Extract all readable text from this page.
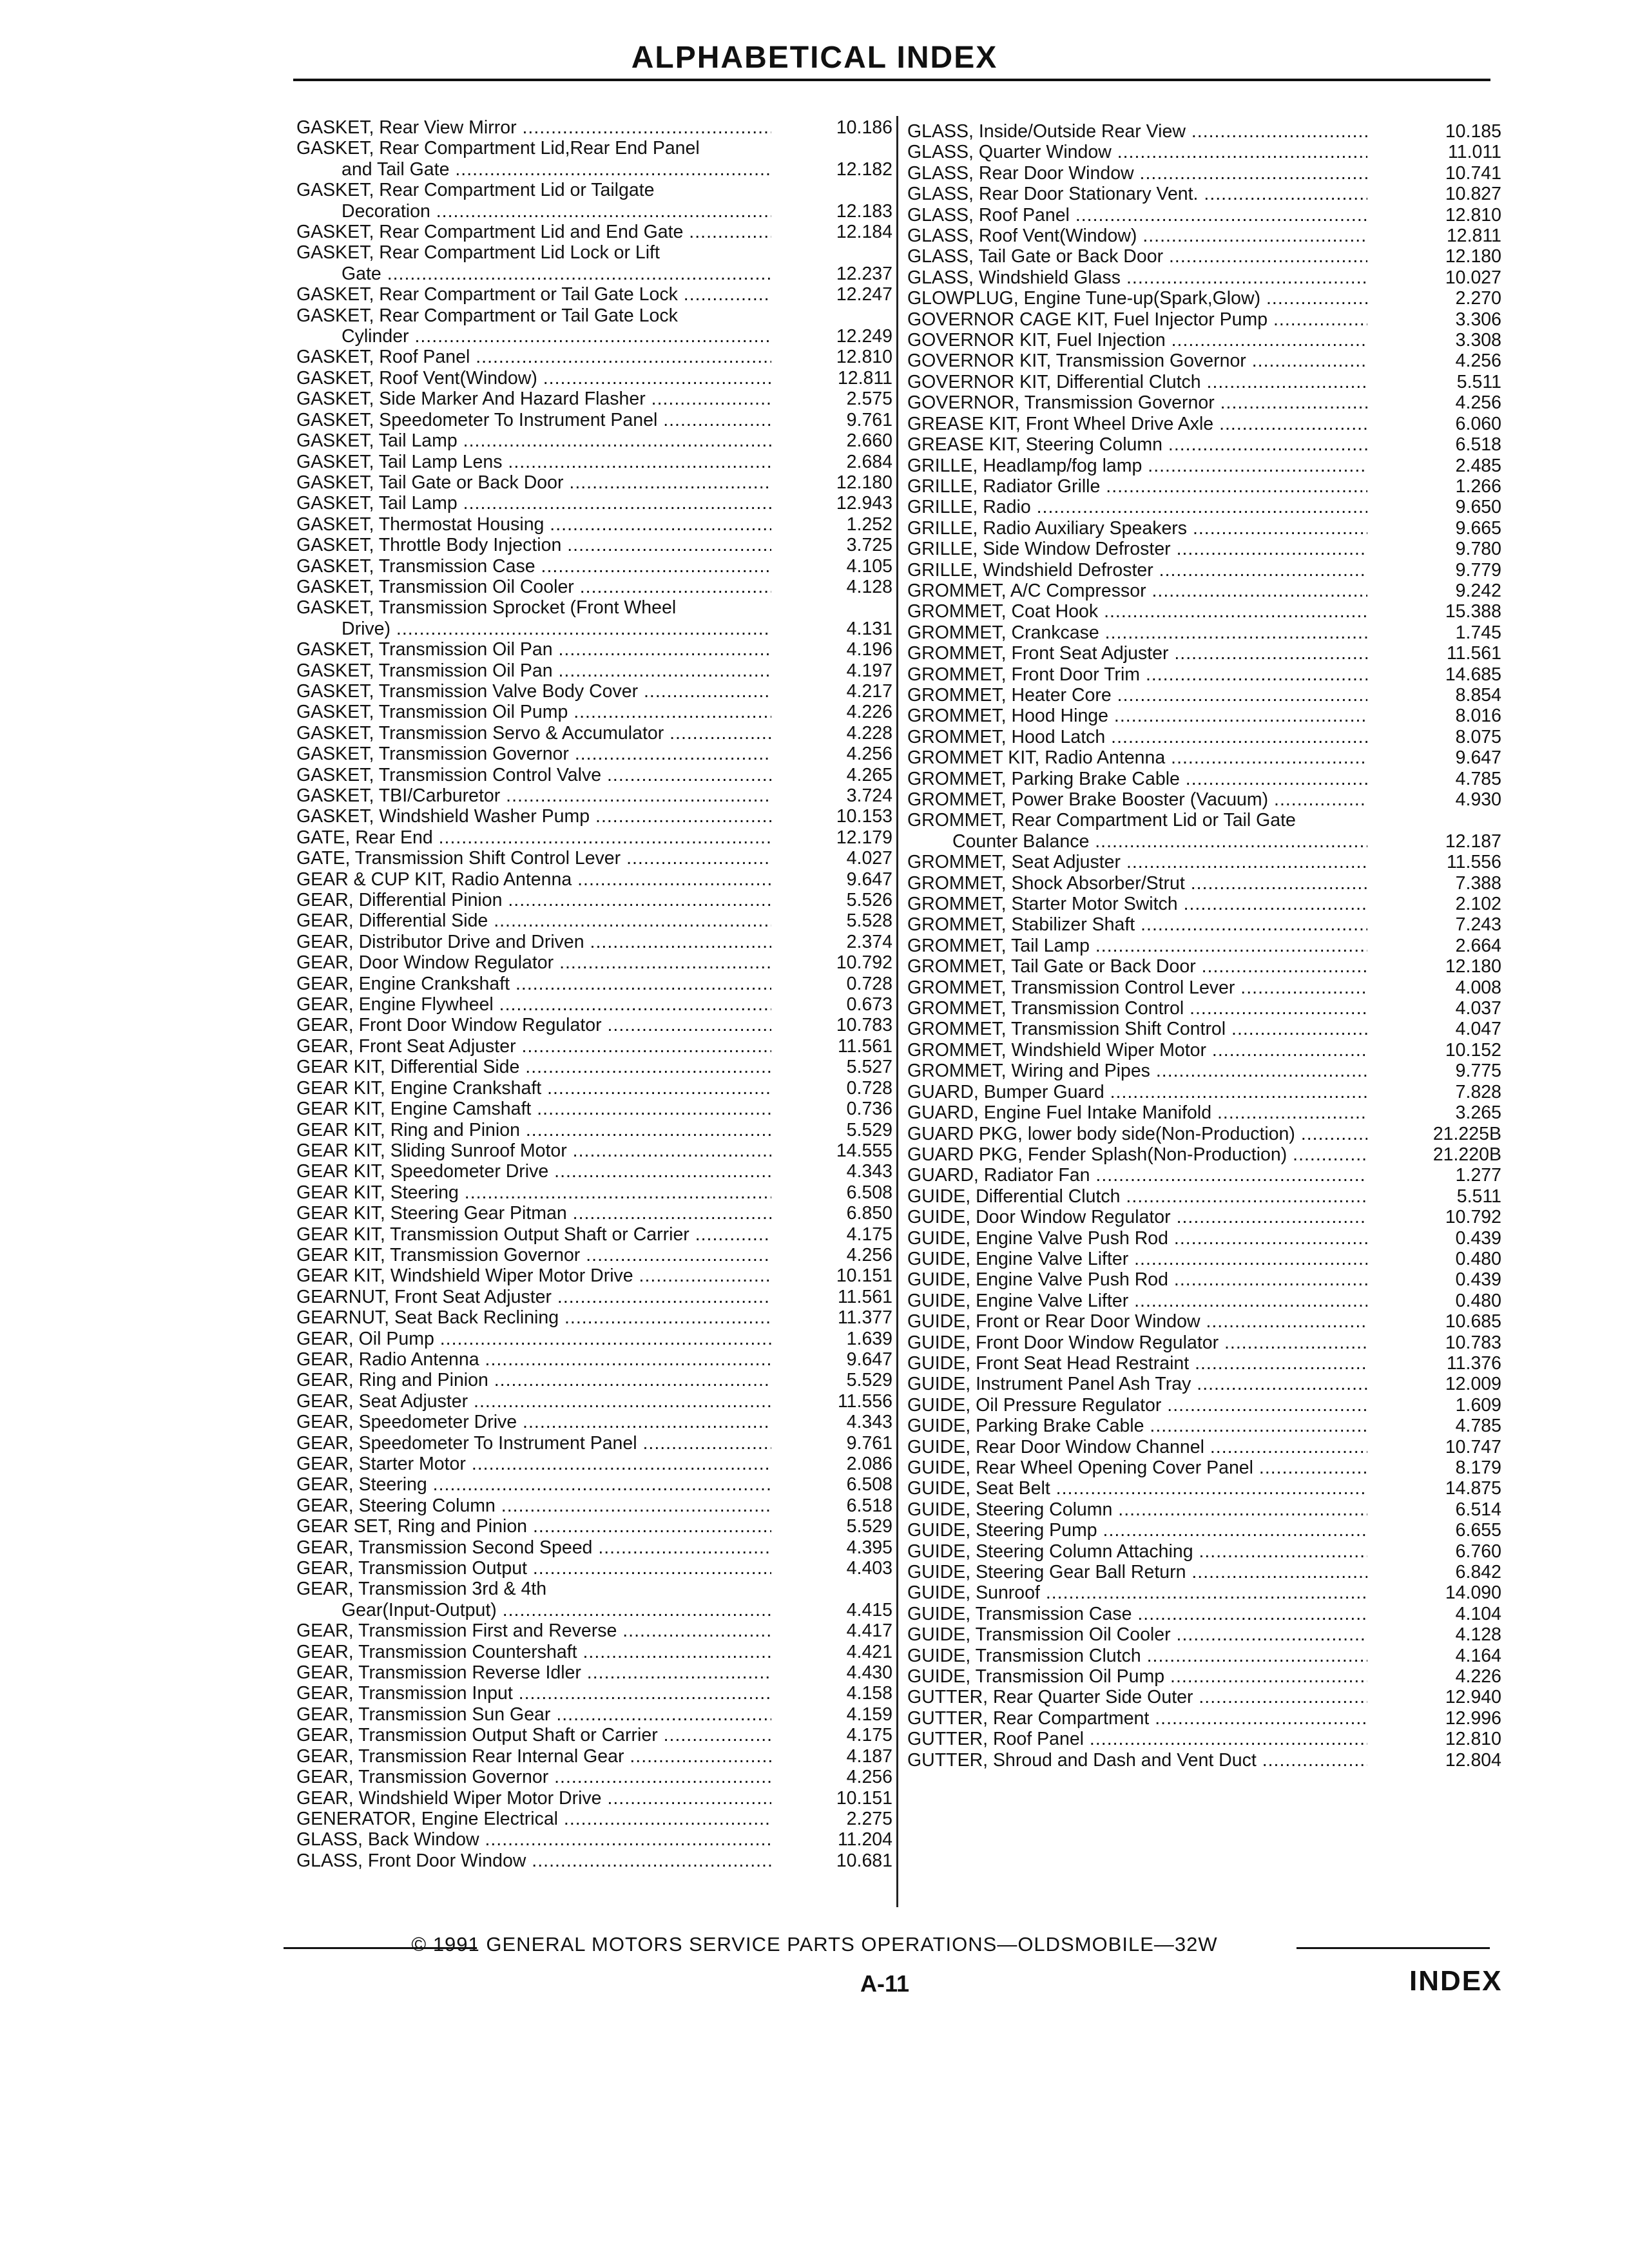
ALPHABETICAL INDEX
GASKET, Rear View Mirror .....	10.186
GASKET, Rear Compartment Lid,Rear End Panel
and Tail Gate .....	12.182
GASKET, Rear Compartment Lid or Tailgate
Decoration .....	12.183
GASKET, Rear Compartment Lid and End Gate .....	12.184
GASKET, Rear Compartment Lid Lock or Lift
Gate .....	12.237
GASKET, Rear Compartment or Tail Gate Lock .....	12.247
GASKET, Rear Compartment or Tail Gate Lock
Cylinder .....	12.249
GASKET, Roof Panel .....	12.810
GASKET, Roof Vent(Window) .....	12.811
GASKET, Side Marker And Hazard Flasher .....	2.575
GASKET, Speedometer To Instrument Panel .....	9.761
GASKET, Tail Lamp .....	2.660
GASKET, Tail Lamp Lens .....	2.684
GASKET, Tail Gate or Back Door .....	12.180
GASKET, Tail Lamp .....	12.943
GASKET, Thermostat Housing .....	1.252
GASKET, Throttle Body Injection .....	3.725
GASKET, Transmission Case .....	4.105
GASKET, Transmission Oil Cooler .....	4.128
GASKET, Transmission Sprocket (Front Wheel
Drive) .....	4.131
GASKET, Transmission Oil Pan .....	4.196
GASKET, Transmission Oil Pan .....	4.197
GASKET, Transmission Valve Body Cover .....	4.217
GASKET, Transmission Oil Pump .....	4.226
GASKET, Transmission Servo & Accumulator .....	4.228
GASKET, Transmission Governor .....	4.256
GASKET, Transmission Control Valve .....	4.265
GASKET, TBI/Carburetor .....	3.724
GASKET, Windshield Washer Pump .....	10.153
GATE, Rear End .....	12.179
GATE, Transmission Shift Control Lever .....	4.027
GEAR & CUP KIT, Radio Antenna .....	9.647
GEAR, Differential Pinion .....	5.526
GEAR, Differential Side .....	5.528
GEAR, Distributor Drive and Driven .....	2.374
GEAR, Door Window Regulator .....	10.792
GEAR, Engine Crankshaft .....	0.728
GEAR, Engine Flywheel .....	0.673
GEAR, Front Door Window Regulator .....	10.783
GEAR, Front Seat Adjuster .....	11.561
GEAR KIT, Differential Side .....	5.527
GEAR KIT, Engine Crankshaft .....	0.728
GEAR KIT, Engine Camshaft .....	0.736
GEAR KIT, Ring and Pinion .....	5.529
GEAR KIT, Sliding Sunroof Motor .....	14.555
GEAR KIT, Speedometer Drive .....	4.343
GEAR KIT, Steering .....	6.508
GEAR KIT, Steering Gear Pitman .....	6.850
GEAR KIT, Transmission Output Shaft or Carrier .....	4.175
GEAR KIT, Transmission Governor .....	4.256
GEAR KIT, Windshield Wiper Motor Drive .....	10.151
GEARNUT, Front Seat Adjuster .....	11.561
GEARNUT, Seat Back Reclining .....	11.377
GEAR, Oil Pump .....	1.639
GEAR, Radio Antenna .....	9.647
GEAR, Ring and Pinion .....	5.529
GEAR, Seat Adjuster .....	11.556
GEAR, Speedometer Drive .....	4.343
GEAR, Speedometer To Instrument Panel .....	9.761
GEAR, Starter Motor .....	2.086
GEAR, Steering .....	6.508
GEAR, Steering Column .....	6.518
GEAR SET, Ring and Pinion .....	5.529
GEAR, Transmission Second Speed .....	4.395
GEAR, Transmission Output .....	4.403
GEAR, Transmission 3rd & 4th
Gear(Input-Output) .....	4.415
GEAR, Transmission First and Reverse .....	4.417
GEAR, Transmission Countershaft .....	4.421
GEAR, Transmission Reverse Idler .....	4.430
GEAR, Transmission Input .....	4.158
GEAR, Transmission Sun Gear .....	4.159
GEAR, Transmission Output Shaft or Carrier .....	4.175
GEAR, Transmission Rear Internal Gear .....	4.187
GEAR, Transmission Governor .....	4.256
GEAR, Windshield Wiper Motor Drive .....	10.151
GENERATOR, Engine Electrical .....	2.275
GLASS, Back Window .....	11.204
GLASS, Front Door Window .....	10.681
GLASS, Inside/Outside Rear View .....	10.185
GLASS, Quarter Window .....	11.011
GLASS, Rear Door Window .....	10.741
GLASS, Rear Door Stationary Vent. .....	10.827
GLASS, Roof Panel .....	12.810
GLASS, Roof Vent(Window) .....	12.811
GLASS, Tail Gate or Back Door .....	12.180
GLASS, Windshield Glass .....	10.027
GLOWPLUG, Engine Tune-up(Spark,Glow) .....	2.270
GOVERNOR CAGE KIT, Fuel Injector Pump .....	3.306
GOVERNOR KIT, Fuel Injection .....	3.308
GOVERNOR KIT, Transmission Governor .....	4.256
GOVERNOR KIT, Differential Clutch .....	5.511
GOVERNOR, Transmission Governor .....	4.256
GREASE KIT, Front Wheel Drive Axle .....	6.060
GREASE KIT, Steering Column .....	6.518
GRILLE, Headlamp/fog lamp .....	2.485
GRILLE, Radiator Grille .....	1.266
GRILLE, Radio .....	9.650
GRILLE, Radio Auxiliary Speakers .....	9.665
GRILLE, Side Window Defroster .....	9.780
GRILLE, Windshield Defroster .....	9.779
GROMMET, A/C Compressor .....	9.242
GROMMET, Coat Hook .....	15.388
GROMMET, Crankcase .....	1.745
GROMMET, Front Seat Adjuster .....	11.561
GROMMET, Front Door Trim .....	14.685
GROMMET, Heater Core .....	8.854
GROMMET, Hood Hinge .....	8.016
GROMMET, Hood Latch .....	8.075
GROMMET KIT, Radio Antenna .....	9.647
GROMMET, Parking Brake Cable .....	4.785
GROMMET, Power Brake Booster (Vacuum) .....	4.930
GROMMET, Rear Compartment Lid or Tail Gate
Counter Balance .....	12.187
GROMMET, Seat Adjuster .....	11.556
GROMMET, Shock Absorber/Strut .....	7.388
GROMMET, Starter Motor Switch .....	2.102
GROMMET, Stabilizer Shaft .....	7.243
GROMMET, Tail Lamp .....	2.664
GROMMET, Tail Gate or Back Door .....	12.180
GROMMET, Transmission Control Lever .....	4.008
GROMMET, Transmission Control .....	4.037
GROMMET, Transmission Shift Control .....	4.047
GROMMET, Windshield Wiper Motor .....	10.152
GROMMET, Wiring and Pipes .....	9.775
GUARD, Bumper Guard .....	7.828
GUARD, Engine Fuel Intake Manifold .....	3.265
GUARD PKG, lower body side(Non-Production) .....	21.225B
GUARD PKG, Fender Splash(Non-Production) .....	21.220B
GUARD, Radiator Fan .....	1.277
GUIDE, Differential Clutch .....	5.511
GUIDE, Door Window Regulator .....	10.792
GUIDE, Engine Valve Push Rod .....	0.439
GUIDE, Engine Valve Lifter .....	0.480
GUIDE, Engine Valve Push Rod .....	0.439
GUIDE, Engine Valve Lifter .....	0.480
GUIDE, Front or Rear Door Window .....	10.685
GUIDE, Front Door Window Regulator .....	10.783
GUIDE, Front Seat Head Restraint .....	11.376
GUIDE, Instrument Panel Ash Tray .....	12.009
GUIDE, Oil Pressure Regulator .....	1.609
GUIDE, Parking Brake Cable .....	4.785
GUIDE, Rear Door Window Channel .....	10.747
GUIDE, Rear Wheel Opening Cover Panel .....	8.179
GUIDE, Seat Belt .....	14.875
GUIDE, Steering Column .....	6.514
GUIDE, Steering Pump .....	6.655
GUIDE, Steering Column Attaching .....	6.760
GUIDE, Steering Gear Ball Return .....	6.842
GUIDE, Sunroof .....	14.090
GUIDE, Transmission Case .....	4.104
GUIDE, Transmission Oil Cooler .....	4.128
GUIDE, Transmission Clutch .....	4.164
GUIDE, Transmission Oil Pump .....	4.226
GUTTER, Rear Quarter Side Outer .....	12.940
GUTTER, Rear Compartment .....	12.996
GUTTER, Roof Panel .....	12.810
GUTTER, Shroud and Dash and Vent Duct .....	12.804
© 1991 GENERAL MOTORS SERVICE PARTS OPERATIONS—OLDSMOBILE—32W
A-11	INDEX
